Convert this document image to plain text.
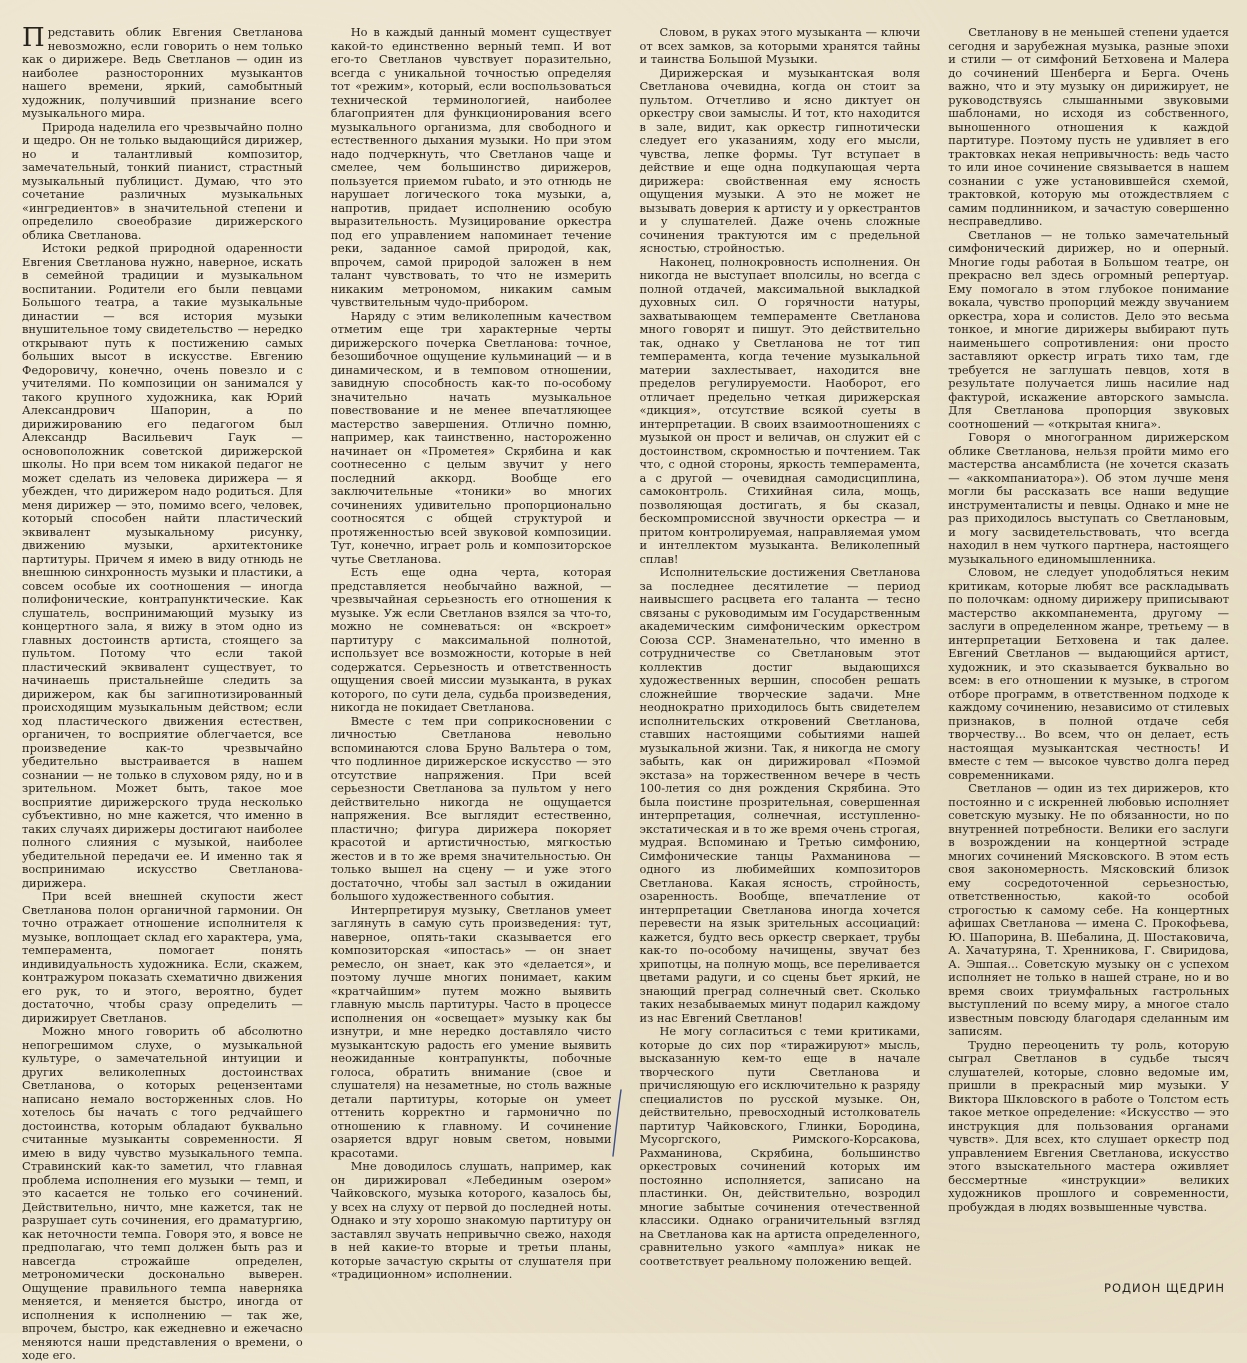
Представить облик Евгения Светланова невозможно, если говорить о нем только как о дирижере. Ведь Светланов — один из наиболее разносторонних музыкантов нашего времени, яркий, самобытный художник, получивший признание всего музыкального мира.

Природа наделила его чрезвычайно полно и щедро. Он не только выдающийся дирижер, но и талантливый композитор, замечательный, тонкий пианист, страстный музыкальный публицист. Думаю, что это сочетание различных музыкальных «ингредиентов» в значительной степени и определило своеобразие дирижерского облика Светланова.

Истоки редкой природной одаренности Евгения Светланова нужно, наверное, искать в семейной традиции и музыкальном воспитании. Родители его были певцами Большого театра, а такие музыкальные династии — вся история музыки внушительное тому свидетельство — нередко открывают путь к постижению самых больших высот в искусстве. Евгению Федоровичу, конечно, очень повезло и с учителями. По композиции он занимался у такого крупного художника, как Юрий Александрович Шапорин, а по дирижированию его педагогом был Александр Васильевич Гаук — основоположник советской дирижерской школы. Но при всем том никакой педагог не может сделать из человека дирижера — я убежден, что дирижером надо родиться. Для меня дирижер — это, помимо всего, человек, который способен найти пластический эквивалент музыкальному рисунку, движению музыки, архитектонике партитуры. Причем я имею в виду отнюдь не внешнюю синхронность музыки и пластики, а совсем особые их соотношения — иногда полифонические, контрапунктические. Как слушатель, воспринимающий музыку из концертного зала, я вижу в этом одно из главных достоинств артиста, стоящего за пультом. Потому что если такой пластический эквивалент существует, то начинаешь пристальнейше следить за дирижером, как бы загипнотизированный происходящим музыкальным действом; если ход пластического движения естествен, органичен, то восприятие облегчается, все произведение как-то чрезвычайно убедительно выстраивается в нашем сознании — не только в слуховом ряду, но и в зрительном. Может быть, такое мое восприятие дирижерского труда несколько субъективно, но мне кажется, что именно в таких случаях дирижеры достигают наиболее полного слияния с музыкой, наиболее убедительной передачи ее. И именно так я воспринимаю искусство Светланова-дирижера.

При всей внешней скупости жест Светланова полон органичной гармонии. Он точно отражает отношение исполнителя к музыке, воплощает склад его характера, ума, темперамента, помогает понять индивидуальность художника. Если, скажем, контражуром показать схематично движения его рук, то и этого, вероятно, будет достаточно, чтобы сразу определить — дирижирует Светланов.

Можно много говорить об абсолютно непогрешимом слухе, о музыкальной культуре, о замечательной интуиции и других великолепных достоинствах Светланова, о которых рецензентами написано немало восторженных слов. Но хотелось бы начать с того редчайшего достоинства, которым обладают буквально считанные музыканты современности. Я имею в виду чувство музыкального темпа. Стравинский как-то заметил, что главная проблема исполнения его музыки — темп, и это касается не только его сочинений. Действительно, ничто, мне кажется, так не разрушает суть сочинения, его драматургию, как неточности темпа. Говоря это, я вовсе не предполагаю, что темп должен быть раз и навсегда строжайше определен, метрономически досконально выверен. Ощущение правильного темпа наверняка меняется, и меняется быстро, иногда от исполнения к исполнению — так же, впрочем, быстро, как ежедневно и ежечасно меняются наши представления о времени, о ходе его.

Но в каждый данный момент существует какой-то единственно верный темп. И вот его-то Светланов чувствует поразительно, всегда с уникальной точностью определяя тот «режим», который, если воспользоваться технической терминологией, наиболее благоприятен для функционирования всего музыкального организма, для свободного и естественного дыхания музыки. Но при этом надо подчеркнуть, что Светланов чаще и смелее, чем большинство дирижеров, пользуется приемом rubato, и это отнюдь не нарушает логического тока музыки, а, напротив, придает исполнению особую выразительность. Музицирование оркестра под его управлением напоминает течение реки, заданное самой природой, как, впрочем, самой природой заложен в нем талант чувствовать, то что не измерить никаким метрономом, никаким самым чувствительным чудо-прибором.

Наряду с этим великолепным качеством отметим еще три характерные черты дирижерского почерка Светланова: точное, безошибочное ощущение кульминаций — и в динамическом, и в темповом отношении, завидную способность как-то по-особому значительно начать музыкальное повествование и не менее впечатляющее мастерство завершения. Отлично помню, например, как таинственно, настороженно начинает он «Прометея» Скрябина и как соотнесенно с целым звучит у него последний аккорд. Вообще его заключительные «тоники» во многих сочинениях удивительно пропорционально соотносятся с общей структурой и протяженностью всей звуковой композиции. Тут, конечно, играет роль и композиторское чутье Светланова.

Есть еще одна черта, которая представляется необычайно важной, — чрезвычайная серьезность его отношения к музыке. Уж если Светланов взялся за что-то, можно не сомневаться: он «вскроет» партитуру с максимальной полнотой, использует все возможности, которые в ней содержатся. Серьезность и ответственность ощущения своей миссии музыканта, в руках которого, по сути дела, судьба произведения, никогда не покидает Светланова.

Вместе с тем при соприкосновении с личностью Светланова невольно вспоминаются слова Бруно Вальтера о том, что подлинное дирижерское искусство — это отсутствие напряжения. При всей серьезности Светланова за пультом у него действительно никогда не ощущается напряжения. Все выглядит естественно, пластично; фигура дирижера покоряет красотой и артистичностью, мягкостью жестов и в то же время значительностью. Он только вышел на сцену — и уже этого достаточно, чтобы зал застыл в ожидании большого художественного события.

Интерпретируя музыку, Светланов умеет заглянуть в самую суть произведения: тут, наверное, опять-таки сказывается его композиторская «ипостась» — он знает ремесло, он знает, как это «делается», и поэтому лучше многих понимает, каким «кратчайшим» путем можно выявить главную мысль партитуры. Часто в процессе исполнения он «освещает» музыку как бы изнутри, и мне нередко доставляло чисто музыкантскую радость его умение выявить неожиданные контрапункты, побочные голоса, обратить внимание (свое и слушателя) на незаметные, но столь важные детали партитуры, которые он умеет оттенить корректно и гармонично по отношению к главному. И сочинение озаряется вдруг новым светом, новыми красотами.

Мне доводилось слушать, например, как он дирижировал «Лебединым озером» Чайковского, музыка которого, казалось бы, у всех на слуху от первой до последней ноты. Однако и эту хорошо знакомую партитуру он заставлял звучать непривычно свежо, находя в ней какие-то вторые и третьи планы, которые зачастую скрыты от слушателя при «традиционном» исполнении.

Словом, в руках этого музыканта — ключи от всех замков, за которыми хранятся тайны и таинства Большой Музыки.

Дирижерская и музыкантская воля Светланова очевидна, когда он стоит за пультом. Отчетливо и ясно диктует он оркестру свои замыслы. И тот, кто находится в зале, видит, как оркестр гипнотически следует его указаниям, ходу его мысли, чувства, лепке формы. Тут вступает в действие и еще одна подкупающая черта дирижера: свойственная ему ясность ощущения музыки. А это не может не вызывать доверия к артисту и у оркестрантов и у слушателей. Даже очень сложные сочинения трактуются им с предельной ясностью, стройностью.

Наконец, полнокровность исполнения. Он никогда не выступает вполсилы, но всегда с полной отдачей, максимальной выкладкой духовных сил. О горячности натуры, захватывающем темпераменте Светланова много говорят и пишут. Это действительно так, однако у Светланова не тот тип темперамента, когда течение музыкальной материи захлестывает, находится вне пределов регулируемости. Наоборот, его отличает предельно четкая дирижерская «дикция», отсутствие всякой суеты в интерпретации. В своих взаимоотношениях с музыкой он прост и величав, он служит ей с достоинством, скромностью и почтением. Так что, с одной стороны, яркость темперамента, а с другой — очевидная самодисциплина, самоконтроль. Стихийная сила, мощь, позволяющая достигать, я бы сказал, бескомпромиссной звучности оркестра — и притом контролируемая, направляемая умом и интеллектом музыканта. Великолепный сплав!

Исполнительские достижения Светланова за последнее десятилетие — период наивысшего расцвета его таланта — тесно связаны с руководимым им Государственным академическим симфоническим оркестром Союза ССР. Знаменательно, что именно в сотрудничестве со Светлановым этот коллектив достиг выдающихся художественных вершин, способен решать сложнейшие творческие задачи. Мне неоднократно приходилось быть свидетелем исполнительских откровений Светланова, ставших настоящими событиями нашей музыкальной жизни. Так, я никогда не смогу забыть, как он дирижировал «Поэмой экстаза» на торжественном вечере в честь 100-летия со дня рождения Скрябина. Это была поистине прозрительная, совершенная интерпретация, солнечная, исступленно-экстатическая и в то же время очень строгая, мудрая. Вспоминаю и Третью симфонию, Симфонические танцы Рахманинова — одного из любимейших композиторов Светланова. Какая ясность, стройность, озаренность. Вообще, впечатление от интерпретации Светланова иногда хочется перевести на язык зрительных ассоциаций: кажется, будто весь оркестр сверкает, трубы как-то по-особому начищены, звучат без хрипотцы, на полную мощь, все переливается цветами радуги, и со сцены бьет яркий, не знающий преград солнечный свет. Сколько таких незабываемых минут подарил каждому из нас Евгений Светланов!

Не могу согласиться с теми критиками, которые до сих пор «тиражируют» мысль, высказанную кем-то еще в начале творческого пути Светланова и причисляющую его исключительно к разряду специалистов по русской музыке. Он, действительно, превосходный истолкователь партитур Чайковского, Глинки, Бородина, Мусоргского, Римского-Корсакова, Рахманинова, Скрябина, большинство оркестровых сочинений которых им постоянно исполняется, записано на пластинки. Он, действительно, возродил многие забытые сочинения отечественной классики. Однако ограничительный взгляд на Светланова как на артиста определенного, сравнительно узкого «амплуа» никак не соответствует реальному положению вещей.

Светланову в не меньшей степени удается сегодня и зарубежная музыка, разные эпохи и стили — от симфоний Бетховена и Малера до сочинений Шенберга и Берга. Очень важно, что и эту музыку он дирижирует, не руководствуясь слышанными звуковыми шаблонами, но исходя из собственного, выношенного отношения к каждой партитуре. Поэтому пусть не удивляет в его трактовках некая непривычность: ведь часто то или иное сочинение связывается в нашем сознании с уже установившейся схемой, трактовкой, которую мы отождествляем с самим подлинником, и зачастую совершенно несправедливо.

Светланов — не только замечательный симфонический дирижер, но и оперный. Многие годы работая в Большом театре, он прекрасно вел здесь огромный репертуар. Ему помогало в этом глубокое понимание вокала, чувство пропорций между звучанием оркестра, хора и солистов. Дело это весьма тонкое, и многие дирижеры выбирают путь наименьшего сопротивления: они просто заставляют оркестр играть тихо там, где требуется не заглушать певцов, хотя в результате получается лишь насилие над фактурой, искажение авторского замысла. Для Светланова пропорция звуковых соотношений — «открытая книга».

Говоря о многогранном дирижерском облике Светланова, нельзя пройти мимо его мастерства ансамблиста (не хочется сказать — «аккомпаниатора»). Об этом лучше меня могли бы рассказать все наши ведущие инструменталисты и певцы. Однако и мне не раз приходилось выступать со Светлановым, и могу засвидетельствовать, что всегда находил в нем чуткого партнера, настоящего музыкального единомышленника.

Словом, не следует уподобляться неким критикам, которые любят все раскладывать по полочкам: одному дирижеру приписывают мастерство аккомпанемента, другому — заслуги в определенном жанре, третьему — в интерпретации Бетховена и так далее. Евгений Светланов — выдающийся артист, художник, и это сказывается буквально во всем: в его отношении к музыке, в строгом отборе программ, в ответственном подходе к каждому сочинению, независимо от стилевых признаков, в полной отдаче себя творчеству... Во всем, что он делает, есть настоящая музыкантская честность! И вместе с тем — высокое чувство долга перед современниками.

Светланов — один из тех дирижеров, кто постоянно и с искренней любовью исполняет советскую музыку. Не по обязанности, но по внутренней потребности. Велики его заслуги в возрождении на концертной эстраде многих сочинений Мясковского. В этом есть своя закономерность. Мясковский близок ему сосредоточенной серьезностью, ответственностью, какой-то особой строгостью к самому себе. На концертных афишах Светланова — имена С. Прокофьева, Ю. Шапорина, В. Шебалина, Д. Шостаковича, А. Хачатуряна, Т. Хренникова, Г. Свиридова, А. Эшпая... Советскую музыку он с успехом исполняет не только в нашей стране, но и во время своих триумфальных гастрольных выступлений по всему миру, а многое стало известным повсюду благодаря сделанным им записям.

Трудно переоценить ту роль, которую сыграл Светланов в судьбе тысяч слушателей, которые, словно ведомые им, пришли в прекрасный мир музыки. У Виктора Шкловского в работе о Толстом есть такое меткое определение: «Искусство — это инструкция для пользования органами чувств». Для всех, кто слушает оркестр под управлением Евгения Светланова, искусство этого взыскательного мастера оживляет бессмертные «инструкции» великих художников прошлого и современности, пробуждая в людях возвышенные чувства.

РОДИОН ЩЕДРИН
